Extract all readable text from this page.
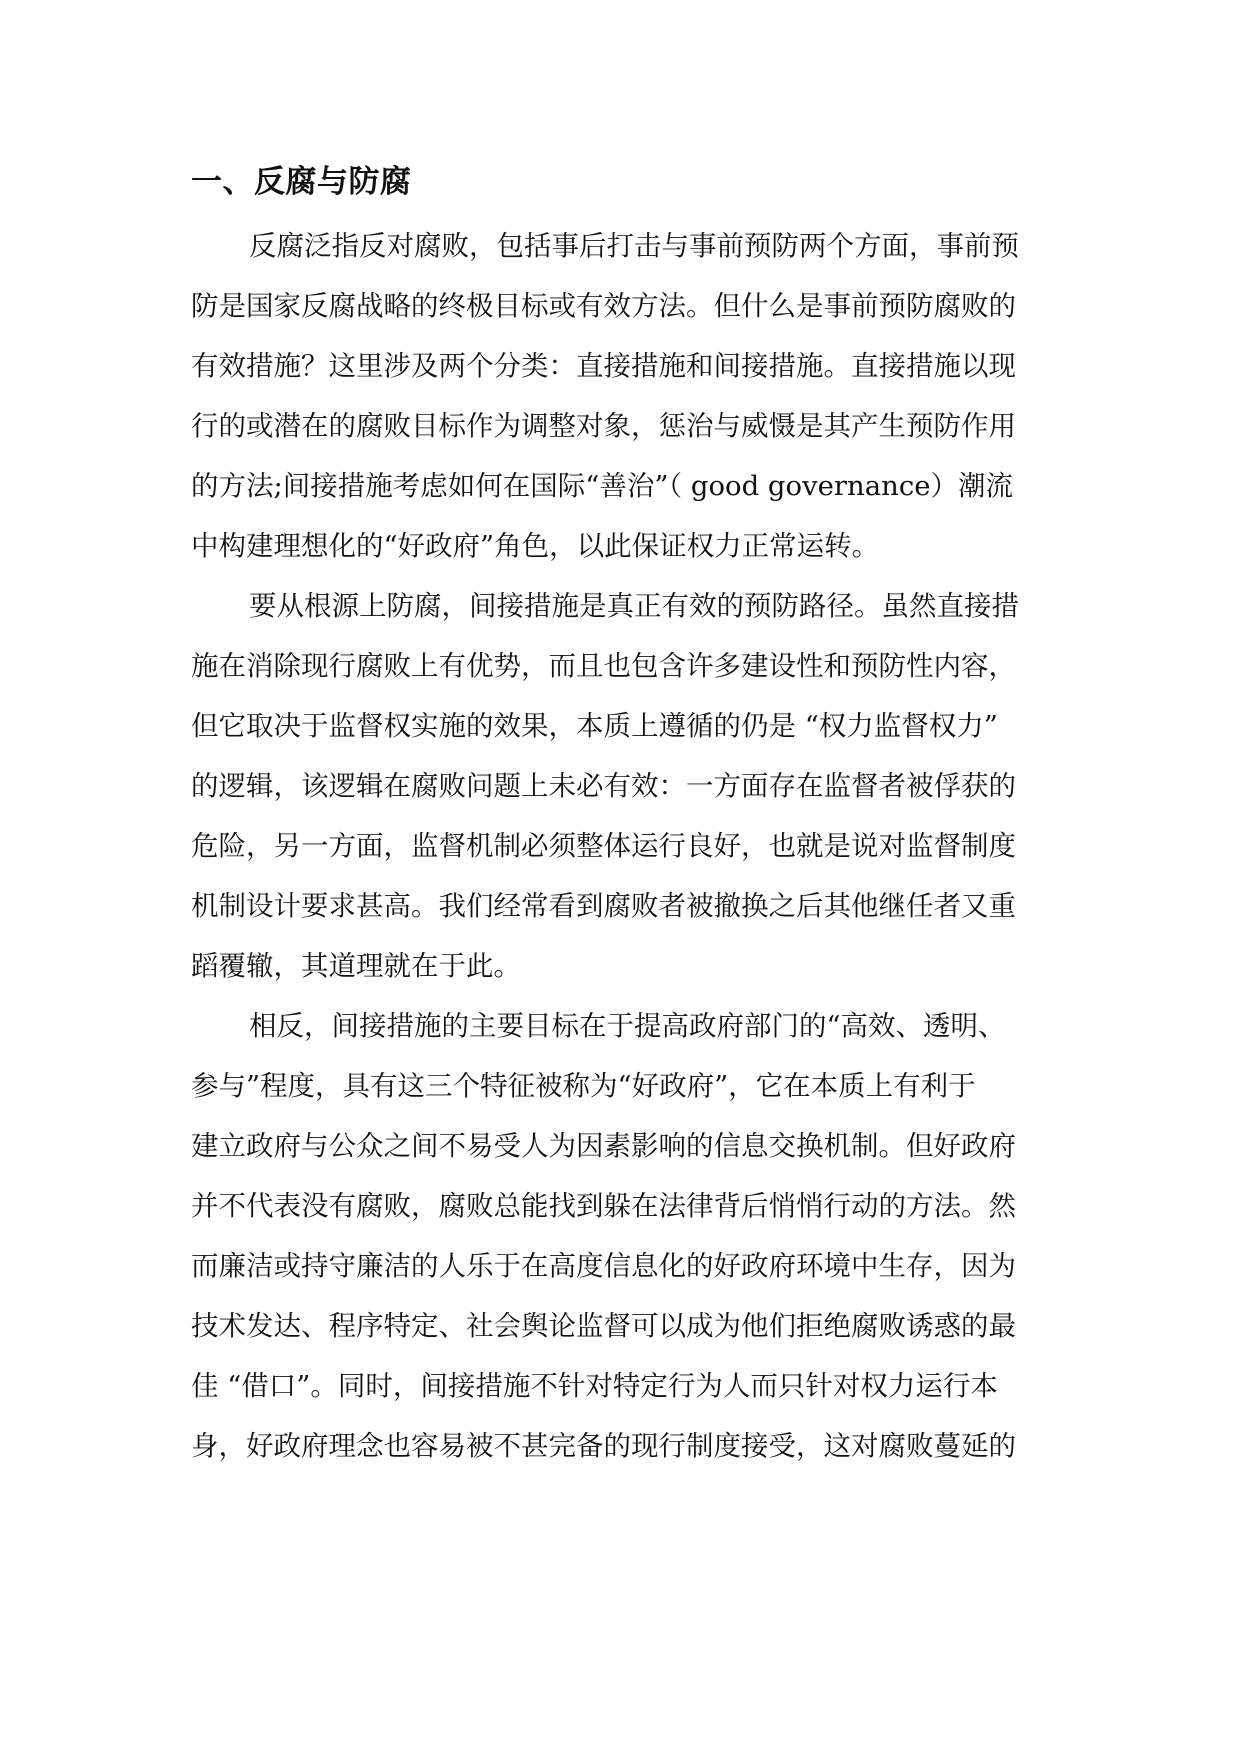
一、反腐与防腐
反腐泛指反对腐败，包括事后打击与事前预防两个方面，事前预
防是国家反腐战略的终极目标或有效方法。但什么是事前预防腐败的
有效措施？这里涉及两个分类：直接措施和间接措施。直接措施以现
行的或潜在的腐败目标作为调整对象，惩治与威慑是其产生预防作用
的方法;间接措施考虑如何在国际“善治”（ good governance）潮流
中构建理想化的“好政府”角色，以此保证权力正常运转。
要从根源上防腐，间接措施是真正有效的预防路径。虽然直接措
施在消除现行腐败上有优势，而且也包含许多建设性和预防性内容，
但它取决于监督权实施的效果，本质上遵循的仍是 “权力监督权力”
的逻辑，该逻辑在腐败问题上未必有效：一方面存在监督者被俘获的
危险，另一方面，监督机制必须整体运行良好，也就是说对监督制度
机制设计要求甚高。我们经常看到腐败者被撤换之后其他继任者又重
蹈覆辙，其道理就在于此。
相反，间接措施的主要目标在于提高政府部门的“高效、透明、
参与”程度，具有这三个特征被称为“好政府”，它在本质上有利于
建立政府与公众之间不易受人为因素影响的信息交换机制。但好政府
并不代表没有腐败，腐败总能找到躲在法律背后悄悄行动的方法。然
而廉洁或持守廉洁的人乐于在高度信息化的好政府环境中生存，因为
技术发达、程序特定、社会舆论监督可以成为他们拒绝腐败诱惑的最
佳 “借口”。同时，间接措施不针对特定行为人而只针对权力运行本
身，好政府理念也容易被不甚完备的现行制度接受，这对腐败蔓延的
